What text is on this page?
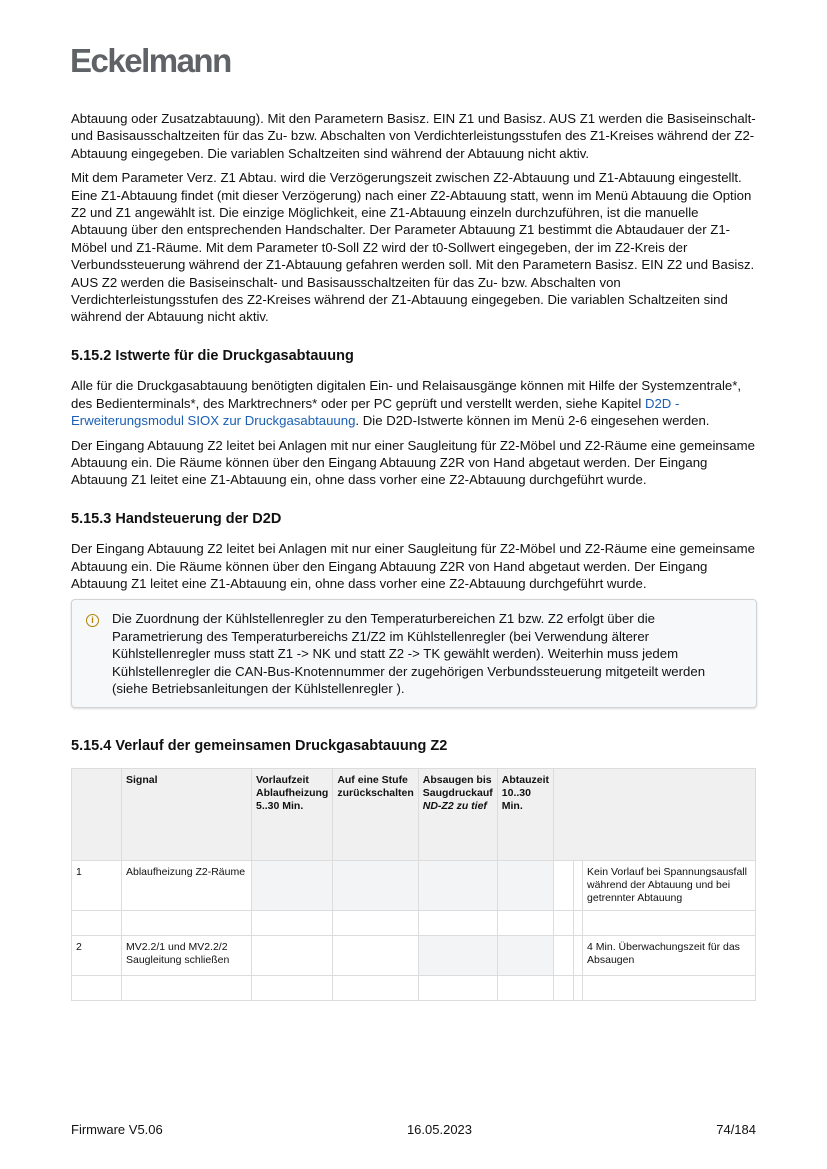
Eckelmann

Abtauung oder Zusatzabtauung). Mit den Parametern Basisz. EIN Z1 und Basisz. AUS Z1 werden die Basiseinschalt- und Basisausschaltzeiten für das Zu- bzw. Abschalten von Verdichterleistungsstufen des Z1-Kreises während der Z2-Abtauung eingegeben. Die variablen Schaltzeiten sind während der Abtauung nicht aktiv.

Mit dem Parameter Verz. Z1 Abtau. wird die Verzögerungszeit zwischen Z2-Abtauung und Z1-Abtauung eingestellt. Eine Z1-Abtauung findet (mit dieser Verzögerung) nach einer Z2-Abtauung statt, wenn im Menü Abtauung die Option Z2 und Z1 angewählt ist. Die einzige Möglichkeit, eine Z1-Abtauung einzeln durchzuführen, ist die manuelle Abtauung über den entsprechenden Handschalter. Der Parameter Abtauung Z1 bestimmt die Abtaudauer der Z1-Möbel und Z1-Räume. Mit dem Parameter t0-Soll Z2 wird der t0-Sollwert eingegeben, der im Z2-Kreis der Verbundssteuerung während der Z1-Abtauung gefahren werden soll. Mit den Parametern Basisz. EIN Z2 und Basisz. AUS Z2 werden die Basiseinschalt- und Basisausschaltzeiten für das Zu- bzw. Abschalten von Verdichterleistungsstufen des Z2-Kreises während der Z1-Abtauung eingegeben. Die variablen Schaltzeiten sind während der Abtauung nicht aktiv.

5.15.2 Istwerte für die Druckgasabtauung

Alle für die Druckgasabtauung benötigten digitalen Ein- und Relaisausgänge können mit Hilfe der Systemzentrale*, des Bedienterminals*, des Marktrechners* oder per PC geprüft und verstellt werden, siehe Kapitel D2D - Erweiterungsmodul SIOX zur Druckgasabtauung. Die D2D-Istwerte können im Menü 2-6 eingesehen werden.

Der Eingang Abtauung Z2 leitet bei Anlagen mit nur einer Saugleitung für Z2-Möbel und Z2-Räume eine gemeinsame Abtauung ein. Die Räume können über den Eingang Abtauung Z2R von Hand abgetaut werden. Der Eingang Abtauung Z1 leitet eine Z1-Abtauung ein, ohne dass vorher eine Z2-Abtauung durchgeführt wurde.

5.15.3 Handsteuerung der D2D

Der Eingang Abtauung Z2 leitet bei Anlagen mit nur einer Saugleitung für Z2-Möbel und Z2-Räume eine gemeinsame Abtauung ein. Die Räume können über den Eingang Abtauung Z2R von Hand abgetaut werden. Der Eingang Abtauung Z1 leitet eine Z1-Abtauung ein, ohne dass vorher eine Z2-Abtauung durchgeführt wurde.

i	Die Zuordnung der Kühlstellenregler zu den Temperaturbereichen Z1 bzw. Z2 erfolgt über die Parametrierung des Temperaturbereichs Z1/Z2 im Kühlstellenregler (bei Verwendung älterer Kühlstellenregler muss statt Z1 -> NK und statt Z2 -> TK gewählt werden). Weiterhin muss jedem Kühlstellenregler die CAN-Bus-Knotennummer der zugehörigen Verbundssteuerung mitgeteilt werden (siehe Betriebsanleitungen der Kühlstellenregler ).
5.15.4 Verlauf der gemeinsamen Druckgasabtauung Z2
	Signal	Vorlaufzeit Ablaufheizung 5..30 Min.	Auf eine Stufe zurückschalten	Absaugen bis Saugdruckauf
ND-Z2 zu tief	Abtauzeit 10..30 Min.			
1	Ablaufheizung Z2-Räume							Kein Vorlauf bei Spannungsausfall während der Abtauung und bei getrennter Abtauung

2	MV2.2/1 und MV2.2/2 Saugleitung schließen							4 Min. Überwachungszeit für das Absaugen

Firmware V5.06	16.05.2023	74/184
